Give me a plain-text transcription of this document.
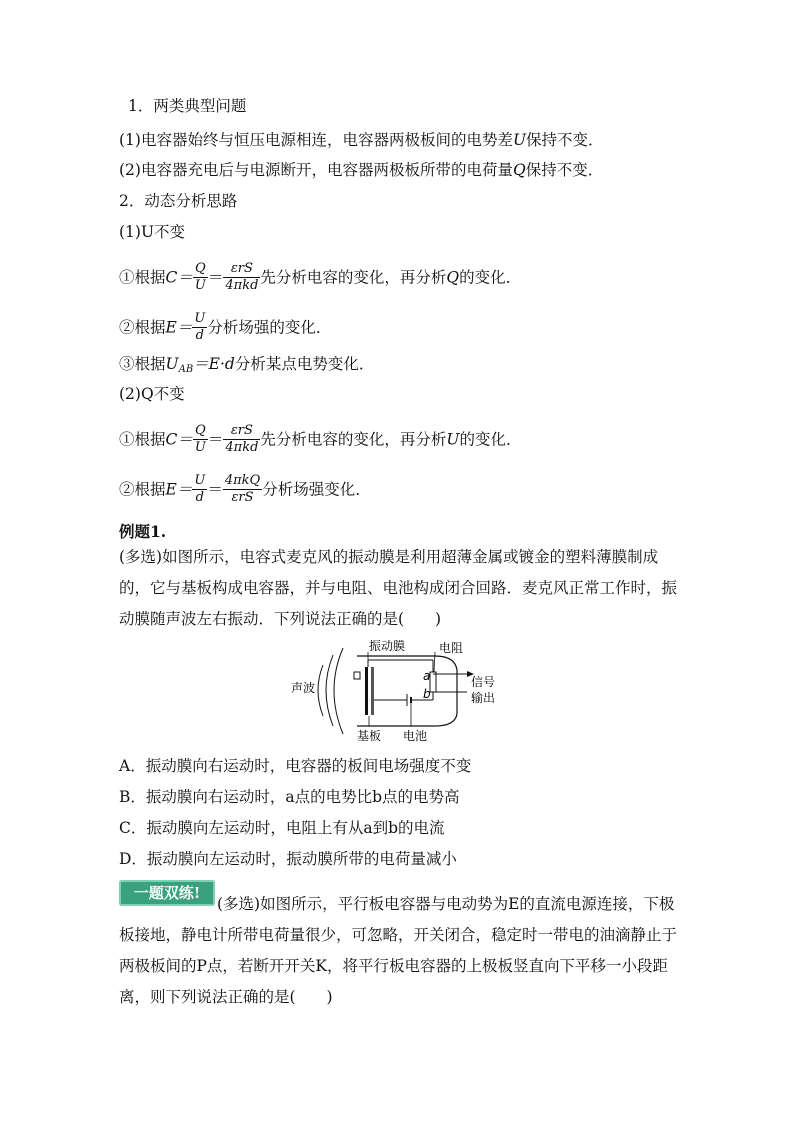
1．两类典型问题
(1)电容器始终与恒压电源相连，电容器两极板间的电势差U保持不变．
(2)电容器充电后与电源断开，电容器两极板所带的电荷量Q保持不变．
2．动态分析思路
(1)U不变
①根据$C= \frac{Q}{U} = \frac{\text{εrS}}{\text{4πkd}}$ 先分析电容的变化，再分析Q的变化．
②根据$E= \frac{U}{d}$ 分析场强的变化．
③根据$U_{AB}=E\cdot d$分析某点电势变化．
(2)Q不变
①根据$C= \frac{Q}{U} = \frac{\text{εrS}}{\text{4πkd}}$ 先分析电容的变化，再分析U的变化．
②根据$E= \frac{U}{d} = \frac{\text{4πkQ}}{\text{εrS}}$ 分析场强变化．
例题1.
(多选)如图所示，电容式麦克风的振动膜是利用超薄金属或镀金的塑料薄膜制成的，它与基板构成电容器，并与电阻、电池构成闭合回路．麦克风正常工作时，振动膜随声波左右振动．下列说法正确的是(　　)
振动膜	电阻
声波	信号
输出
基板 电池
a
b
A．振动膜向右运动时，电容器的板间电场强度不变
B．振动膜向右运动时，a点的电势比b点的电势高
C．振动膜向左运动时，电阻上有从a到b的电流
D．振动膜向左运动时，振动膜所带的电荷量减小
一题双练!
(多选)如图所示，平行板电容器与电动势为E的直流电源连接，下极板接地，静电计所带电荷量很少，可忽略，开关闭合，稳定时一带电的油滴静止于两极板间的P点，若断开开关K，将平行板电容器的上极板竖直向下平移一小段距离，则下列说法正确的是(　　)
